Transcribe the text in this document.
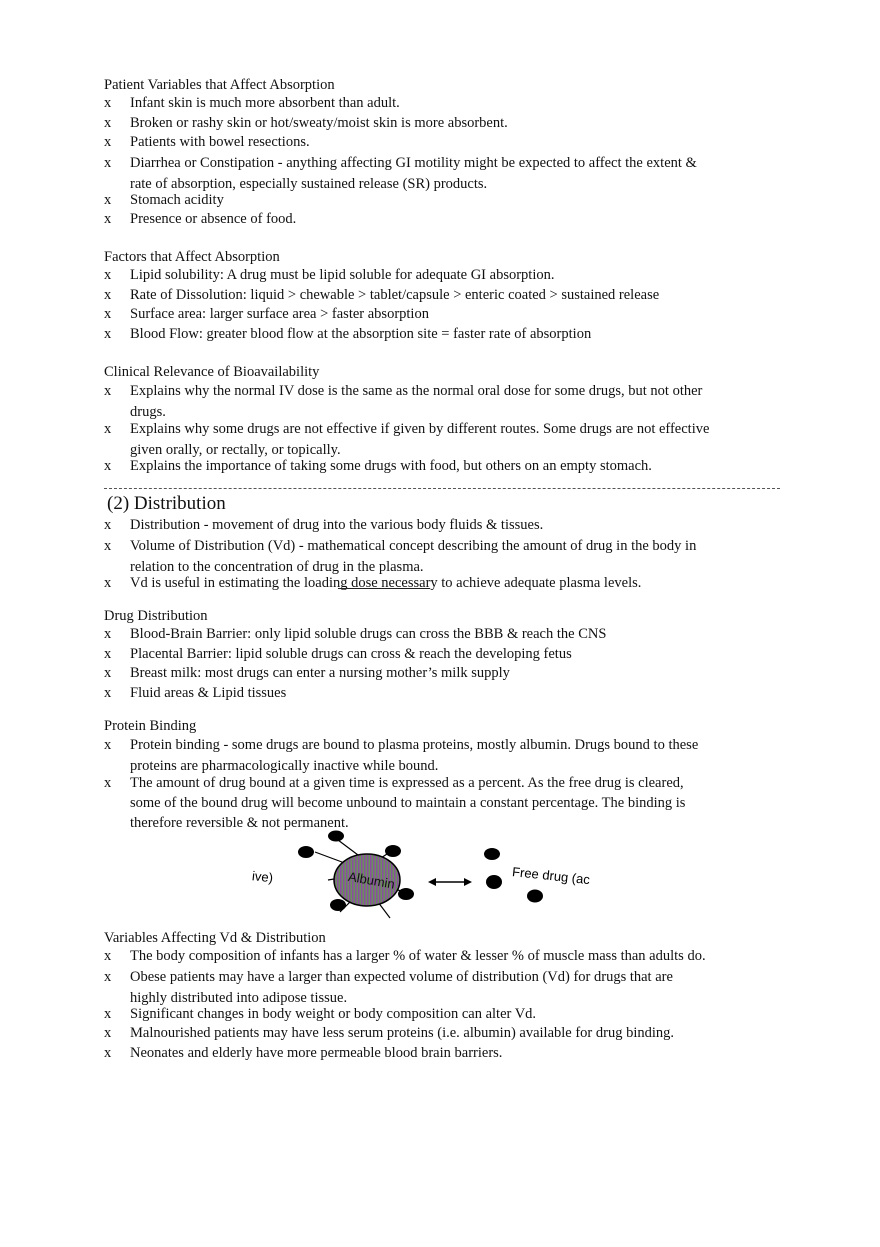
Patient Variables that Affect Absorption
x Infant skin is much more absorbent than adult.
x Broken or rashy skin or hot/sweaty/moist skin is more absorbent.
x Patients with bowel resections.
x Diarrhea or Constipation - anything affecting GI motility might be expected to affect the extent & rate of absorption, especially sustained release (SR) products.
x Stomach acidity
x Presence or absence of food.
Factors that Affect Absorption
x Lipid solubility: A drug must be lipid soluble for adequate GI absorption.
x Rate of Dissolution: liquid > chewable > tablet/capsule > enteric coated > sustained release
x Surface area: larger surface area > faster absorption
x Blood Flow: greater blood flow at the absorption site = faster rate of absorption
Clinical Relevance of Bioavailability
x Explains why the normal IV dose is the same as the normal oral dose for some drugs, but not other drugs.
x Explains why some drugs are not effective if given by different routes. Some drugs are not effective given orally, or rectally, or topically.
x Explains the importance of taking some drugs with food, but others on an empty stomach.
(2) Distribution
x Distribution - movement of drug into the various body fluids & tissues.
x Volume of Distribution (Vd) - mathematical concept describing the amount of drug in the body in relation to the concentration of drug in the plasma.
x Vd is useful in estimating the loading dose necessary to achieve adequate plasma levels.
Drug Distribution
x Blood-Brain Barrier: only lipid soluble drugs can cross the BBB & reach the CNS
x Placental Barrier: lipid soluble drugs can cross & reach the developing fetus
x Breast milk: most drugs can enter a nursing mother’s milk supply
x Fluid areas & Lipid tissues
Protein Binding
x Protein binding - some drugs are bound to plasma proteins, mostly albumin. Drugs bound to these proteins are pharmacologically inactive while bound.
x The amount of drug bound at a given time is expressed as a percent. As the free drug is cleared, some of the bound drug will become unbound to maintain a constant percentage. The binding is therefore reversible & not permanent.
ive)	Albumin	Free drug (ac
Variables Affecting Vd & Distribution
x The body composition of infants has a larger % of water & lesser % of muscle mass than adults do.
x Obese patients may have a larger than expected volume of distribution (Vd) for drugs that are highly distributed into adipose tissue.
x Significant changes in body weight or body composition can alter Vd.
x Malnourished patients may have less serum proteins (i.e. albumin) available for drug binding.
x Neonates and elderly have more permeable blood brain barriers.
